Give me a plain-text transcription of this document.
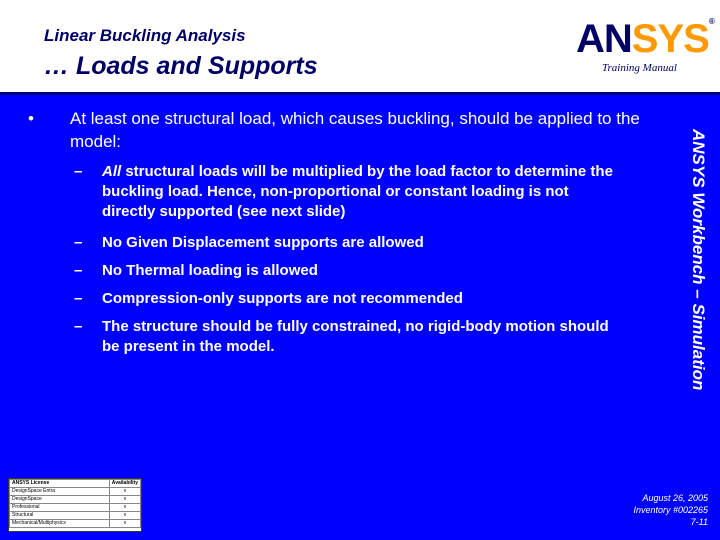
Linear Buckling Analysis
… Loads and Supports
ANSYS®
Training Manual
ANSYS Workbench – Simulation
• At least one structural load, which causes buckling, should be applied to the model:
– All structural loads will be multiplied by the load factor to determine the buckling load. Hence, non-proportional or constant loading is not directly supported (see next slide)
– No Given Displacement supports are allowed
– No Thermal loading is allowed
– Compression-only supports are not recommended
– The structure should be fully constrained, no rigid-body motion should be present in the model.
ANSYS License	Availability
DesignSpace Entra	x
DesignSpace	x
Professional	x
Structural	x
Mechanical/Multiphysics	x
August 26, 2005
Inventory #002265
7-11
